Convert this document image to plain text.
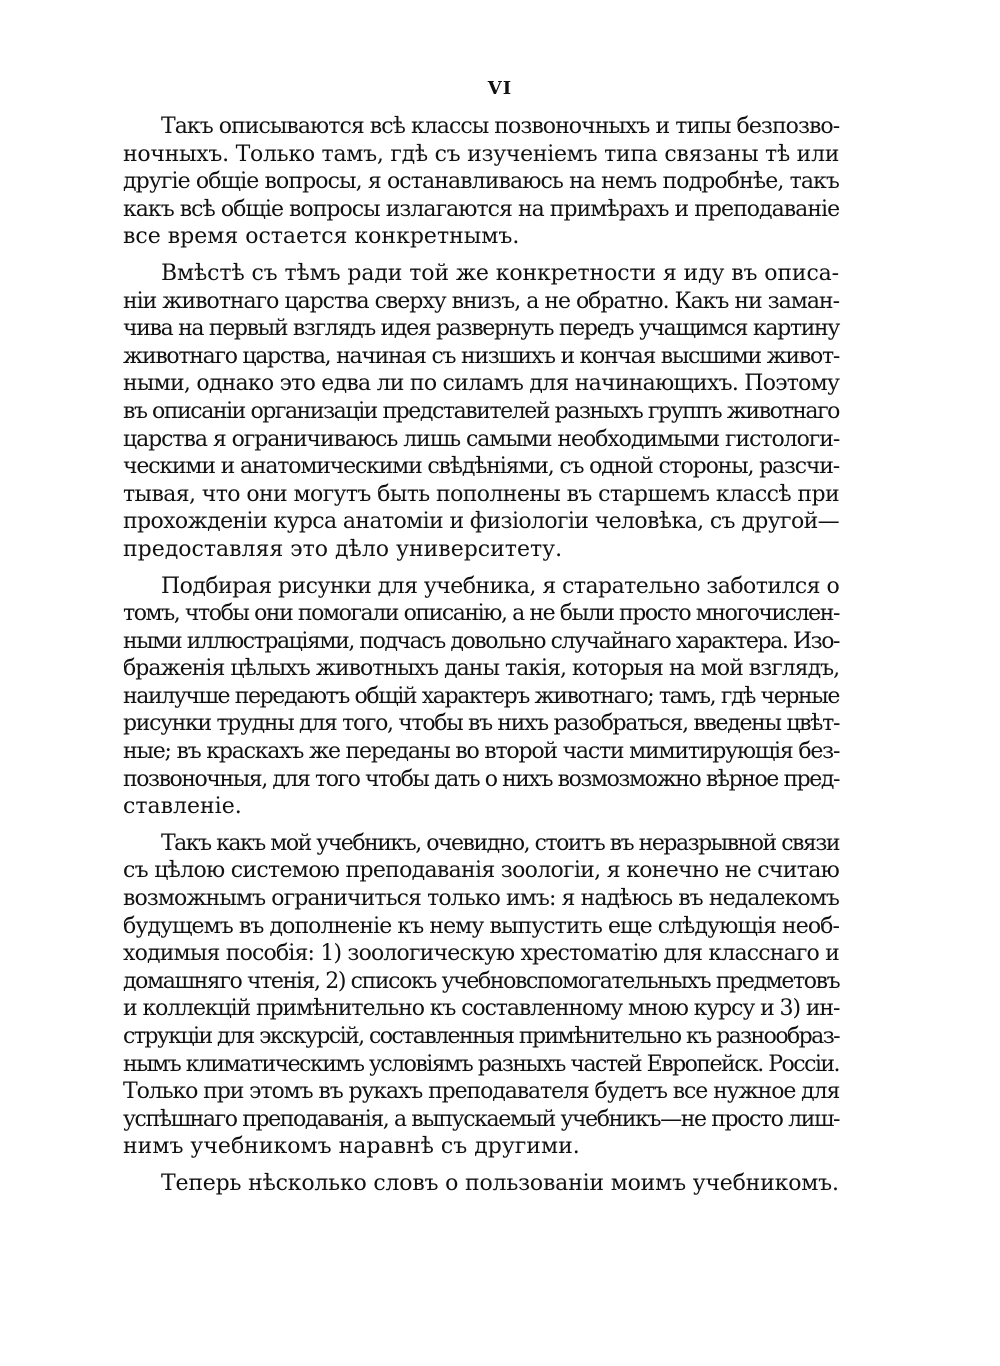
VI
Такъ описываются всѣ классы позвоночныхъ и типы безпозво-
ночныхъ. Только тамъ, гдѣ съ изученіемъ типа связаны тѣ или
другіе общіе вопросы, я останавливаюсь на немъ подробнѣе, такъ
какъ всѣ общіе вопросы излагаются на примѣрахъ и преподаваніе
все время остается конкретнымъ.
Вмѣстѣ съ тѣмъ ради той же конкретности я иду въ описа-
ніи животнаго царства сверху внизъ, а не обратно. Какъ ни заман-
чива на первый взглядъ идея развернуть передъ учащимся картину
животнаго царства, начиная съ низшихъ и кончая высшими живот-
ными, однако это едва ли по силамъ для начинающихъ. Поэтому
въ описаніи организаціи представителей разныхъ группъ животнаго
царства я ограничиваюсь лишь самыми необходимыми гистологи-
ческими и анатомическими свѣдѣніями, съ одной стороны, разсчи-
тывая, что они могутъ быть пополнены въ старшемъ классѣ при
прохожденіи курса анатоміи и физіологіи человѣка, съ другой—
предоставляя это дѣло университету.
Подбирая рисунки для учебника, я старательно заботился о
томъ, чтобы они помогали описанію, а не были просто многочислен-
ными иллюстраціями, подчасъ довольно случайнаго характера. Изо-
браженія цѣлыхъ животныхъ даны такія, которыя на мой взглядъ,
наилучше передаютъ общій характеръ животнаго; тамъ, гдѣ черные
рисунки трудны для того, чтобы въ нихъ разобраться, введены цвѣт-
ные; въ краскахъ же переданы во второй части мимитирующія без-
позвоночныя, для того чтобы дать о нихъ возмозможно вѣрное пред-
ставленіе.
Такъ какъ мой учебникъ, очевидно, стоитъ въ неразрывной связи
съ цѣлою системою преподаванія зоологіи, я конечно не считаю
возможнымъ ограничиться только имъ: я надѣюсь въ недалекомъ
будущемъ въ дополненіе къ нему выпустить еще слѣдующія необ-
ходимыя пособія: 1) зоологическую хрестоматію для класснаго и
домашняго чтенія, 2) списокъ учебновспомогательныхъ предметовъ
и коллекцій примѣнительно къ составленному мною курсу и 3) ин-
струкціи для экскурсій, составленныя примѣнительно къ разнообраз-
нымъ климатическимъ условіямъ разныхъ частей Европейск. Россіи.
Только при этомъ въ рукахъ преподавателя будетъ все нужное для
успѣшнаго преподаванія, а выпускаемый учебникъ—не просто лиш-
нимъ учебникомъ наравнѣ съ другими.
Теперь нѣсколько словъ о пользованіи моимъ учебникомъ.
